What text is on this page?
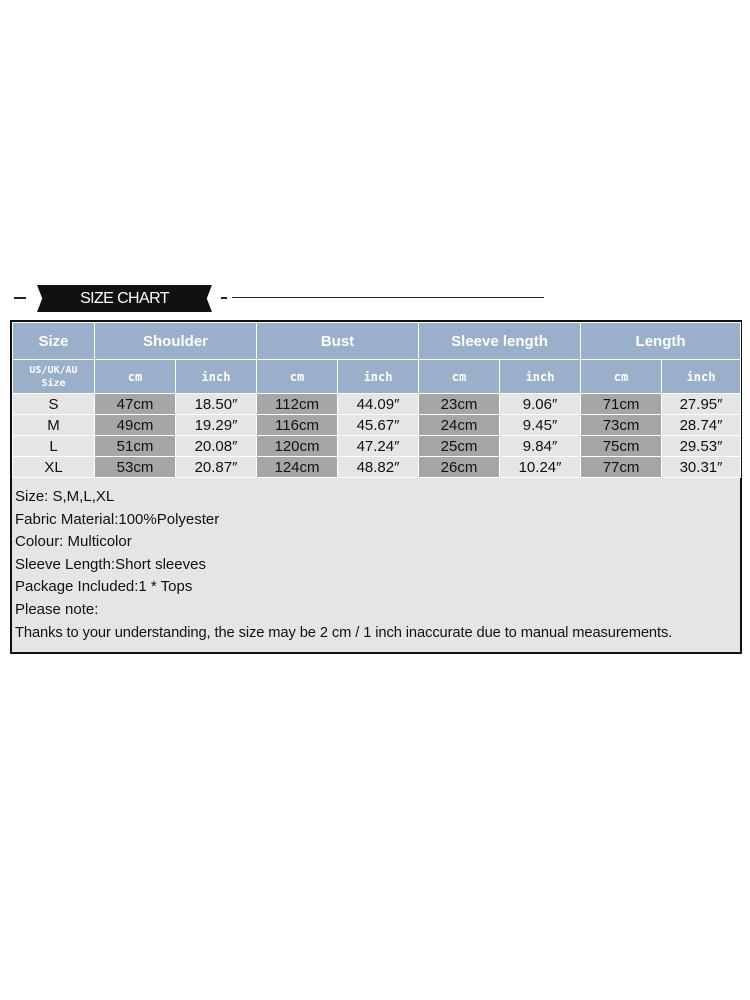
SIZE CHART
Size	Shoulder		Bust		Sleeve length		Length	
US/UK/AU
Size	cm	inch	cm	inch	cm	inch	cm	inch
S	47cm	18.50″	112cm	44.09″	23cm	9.06″	71cm	27.95″
M	49cm	19.29″	116cm	45.67″	24cm	9.45″	73cm	28.74″
L	51cm	20.08″	120cm	47.24″	25cm	9.84″	75cm	29.53″
XL	53cm	20.87″	124cm	48.82″	26cm	10.24″	77cm	30.31″
Size: S,M,L,XL
Fabric Material:100%Polyester
Colour: Multicolor
Sleeve Length:Short sleeves
Package Included:1 * Tops
Please note:
Thanks to your understanding, the size may be 2 cm / 1 inch inaccurate due to manual measurements.
